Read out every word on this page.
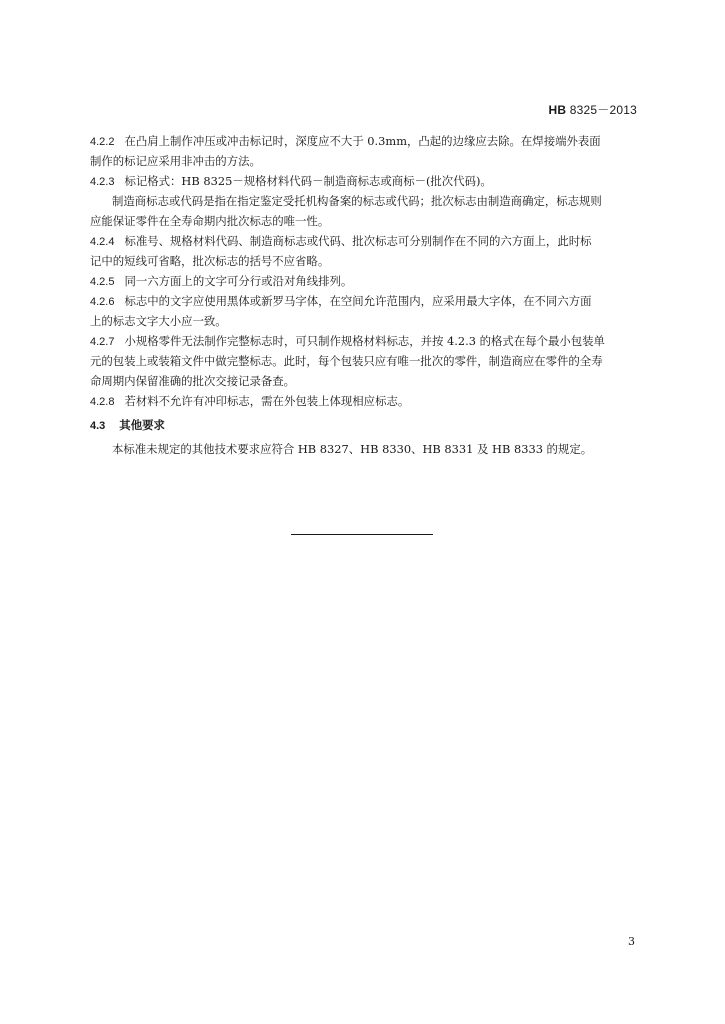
HB 8325－2013
4.2.2 在凸肩上制作冲压或冲击标记时，深度应不大于 0.3mm，凸起的边缘应去除。在焊接端外表面
制作的标记应采用非冲击的方法。
4.2.3 标记格式：HB 8325－规格材料代码－制造商标志或商标－(批次代码)。
制造商标志或代码是指在指定鉴定受托机构备案的标志或代码；批次标志由制造商确定，标志规则
应能保证零件在全寿命期内批次标志的唯一性。
4.2.4 标准号、规格材料代码、制造商标志或代码、批次标志可分别制作在不同的六方面上，此时标
记中的短线可省略，批次标志的括号不应省略。
4.2.5 同一六方面上的文字可分行或沿对角线排列。
4.2.6 标志中的文字应使用黑体或新罗马字体，在空间允许范围内，应采用最大字体，在不同六方面
上的标志文字大小应一致。
4.2.7 小规格零件无法制作完整标志时，可只制作规格材料标志，并按 4.2.3 的格式在每个最小包装单
元的包装上或装箱文件中做完整标志。此时，每个包装只应有唯一批次的零件，制造商应在零件的全寿
命周期内保留准确的批次交接记录备查。
4.2.8 若材料不允许有冲印标志，需在外包装上体现相应标志。
4.3 其他要求
本标准未规定的其他技术要求应符合 HB 8327、HB 8330、HB 8331 及 HB 8333 的规定。
3
